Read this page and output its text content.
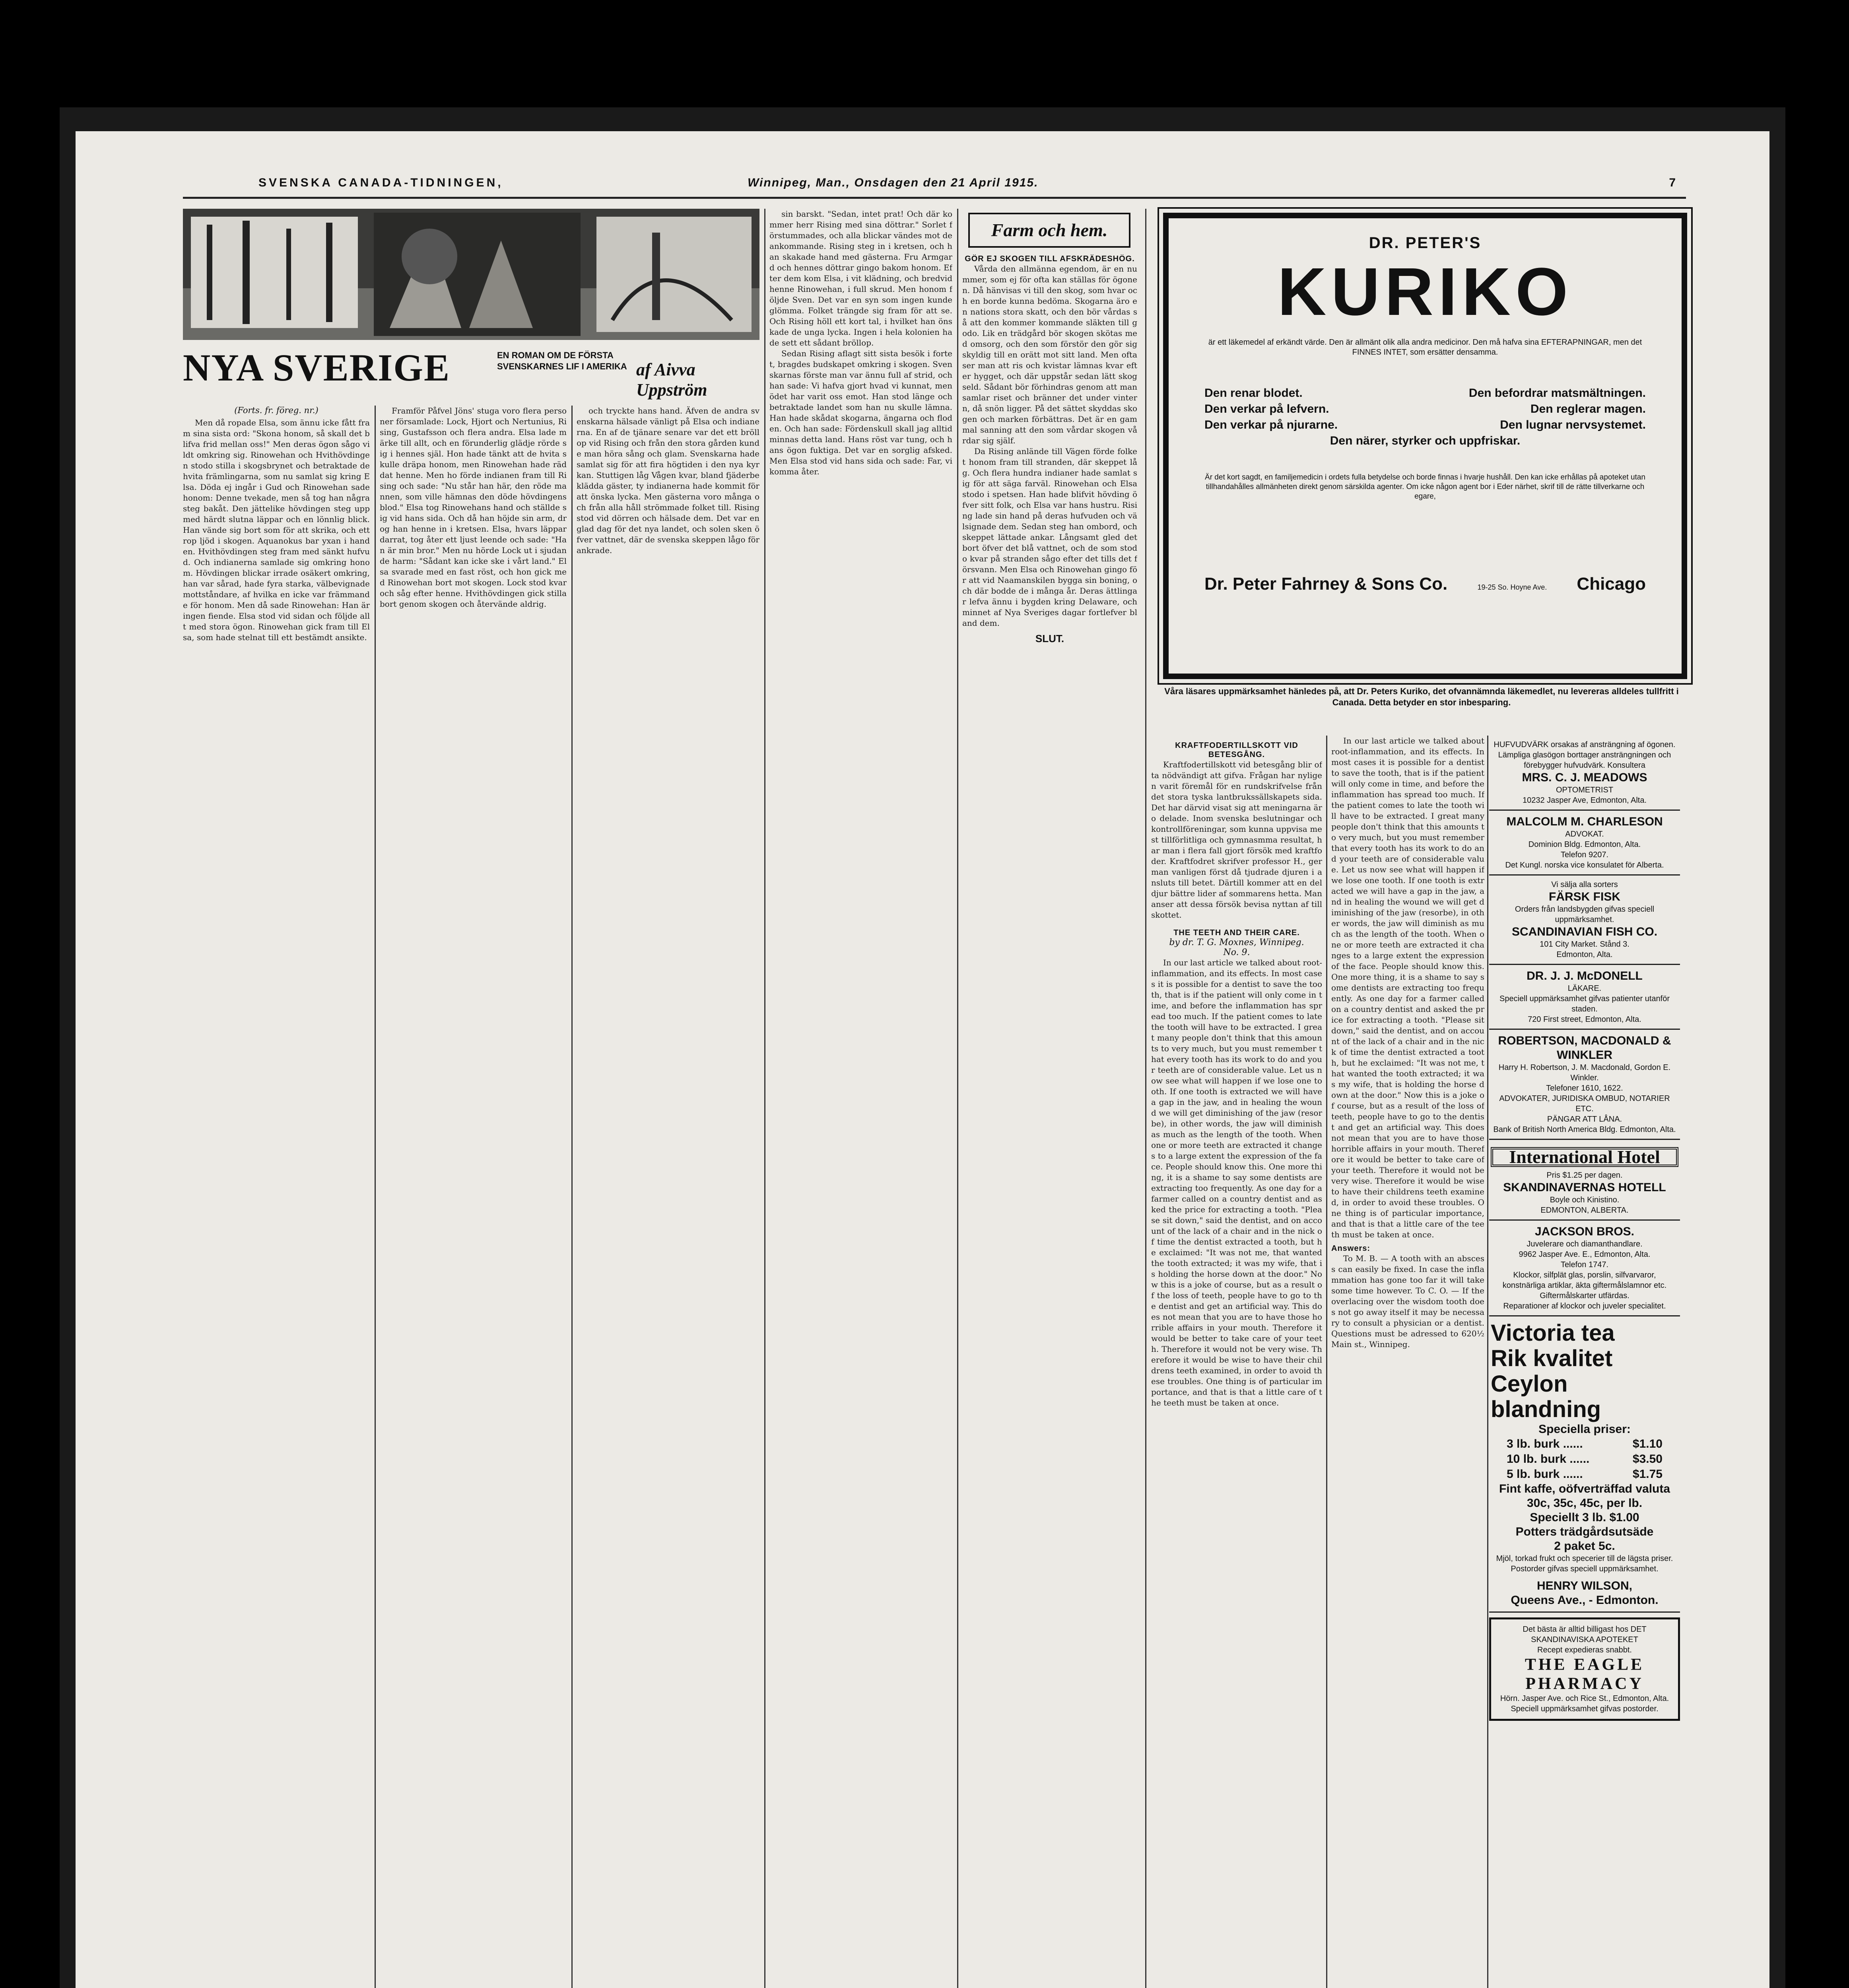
SVENSKA CANADA-TIDNINGEN,	Winnipeg, Man., Onsdagen den 21 April 1915.	7
NYA SVERIGE	EN ROMAN OM DE FÖRSTA SVENSKARNES LIF I AMERIKA af Aivva Uppström

(Forts. fr. föreg. nr.)

Men då ropade Elsa, som ännu icke fått fram sina sista ord: "Skona honom, så skall det blifva frid mellan oss!" Men deras ögon sågo vildt omkring sig. Rinowehan och Hvithövdingen stodo stilla i skogsbrynet och betraktade de hvita främlingarna, som nu samlat sig kring Elsa. Döda ej ingår i Gud och Rinowehan sade honom: Denne tvekade, men så tog han några steg bakåt. Den jättelike hövdingen steg upp med härdt slutna läppar och en lönnlig blick. Han vände sig bort som för att skrika, och ett rop ljöd i skogen. Aquanokus bar yxan i handen. Hvithövdingen steg fram med sänkt hufvud. Och indianerna samlade sig omkring honom. Hövdingen blickar irrade osäkert omkring, han var sårad, hade fyra starka, välbevignade mottståndare, af hvilka en icke var främmande för honom. Men då sade Rinowehan: Han är ingen fiende. Elsa stod vid sidan och följde allt med stora ögon. Rinowehan gick fram till Elsa, som hade stelnat till ett bestämdt ansikte.

Framför Påfvel Jöns' stuga voro flera personer församlade: Lock, Hjort och Nertunius, Rising, Gustafsson och flera andra. Elsa lade märke till allt, och en förunderlig glädje rörde sig i hennes själ. Hon hade tänkt att de hvita skulle dräpa honom, men Rinowehan hade räddat henne. Men ho förde indianen fram till Rising och sade: "Nu står han här, den röde mannen, som ville hämnas den döde hövdingens blod." Elsa tog Rinowehans hand och ställde sig vid hans sida. Och då han höjde sin arm, drog han henne in i kretsen. Elsa, hvars läppar darrat, tog åter ett ljust leende och sade: "Han är min bror." Men nu hörde Lock ut i sjudande harm: "Sådant kan icke ske i vårt land." Elsa svarade med en fast röst, och hon gick med Rinowehan bort mot skogen. Lock stod kvar och såg efter henne. Hvithövdingen gick stilla bort genom skogen och återvände aldrig.

och tryckte hans hand. Äfven de andra svenskarna hälsade vänligt på Elsa och indianerna. En af de tjänare senare var det ett bröllop vid Rising och från den stora gården kunde man höra sång och glam. Svenskarna hade samlat sig för att fira högtiden i den nya kyrkan. Stuttigen låg Vågen kvar, bland fjäderbeklädda gäster, ty indianerna hade kommit för att önska lycka. Men gästerna voro många och från alla håll strömmade folket till. Rising stod vid dörren och hälsade dem. Det var en glad dag för det nya landet, och solen sken öfver vattnet, där de svenska skeppen lågo förankrade.

sin barskt. "Sedan, intet prat! Och där kommer herr Rising med sina döttrar." Sorlet förstummades, och alla blickar vändes mot de ankommande. Rising steg in i kretsen, och han skakade hand med gästerna. Fru Armgard och hennes döttrar gingo bakom honom. Efter dem kom Elsa, i vit klädning, och bredvid henne Rinowehan, i full skrud. Men honom följde Sven. Det var en syn som ingen kunde glömma. Folket trängde sig fram för att se. Och Rising höll ett kort tal, i hvilket han önskade de unga lycka. Ingen i hela kolonien hade sett ett sådant bröllop.

Sedan Rising aflagt sitt sista besök i fortet, bragdes budskapet omkring i skogen. Svenskarnas förste man var ännu full af strid, och han sade: Vi hafva gjort hvad vi kunnat, men ödet har varit oss emot. Han stod länge och betraktade landet som han nu skulle lämna. Han hade skådat skogarna, ängarna och floden. Och han sade: Fördenskull skall jag alltid minnas detta land. Hans röst var tung, och hans ögon fuktiga. Det var en sorglig afsked. Men Elsa stod vid hans sida och sade: Far, vi komma åter.

Farm och hem.
GÖR EJ SKOGEN TILL AFSKRÄDESHÖG.

Vårda den allmänna egendom, är en nummer, som ej för ofta kan ställas för ögonen. Då hänvisas vi till den skog, som hvar och en borde kunna bedöma. Skogarna äro en nations stora skatt, och den bör vårdas så att den kommer kommande släkten till godo. Lik en trädgård bör skogen skötas med omsorg, och den som förstör den gör sig skyldig till en orätt mot sitt land. Men ofta ser man att ris och kvistar lämnas kvar efter hygget, och där uppstår sedan lätt skogseld. Sådant bör förhindras genom att man samlar riset och bränner det under vintern, då snön ligger. På det sättet skyddas skogen och marken förbättras. Det är en gammal sanning att den som vårdar skogen vårdar sig själf.

Da Rising anlände till Vägen förde folket honom fram till stranden, där skeppet låg. Och flera hundra indianer hade samlat sig för att säga farväl. Rinowehan och Elsa stodo i spetsen. Han hade blifvit hövding öfver sitt folk, och Elsa var hans hustru. Rising lade sin hand på deras hufvuden och välsignade dem. Sedan steg han ombord, och skeppet lättade ankar. Långsamt gled det bort öfver det blå vattnet, och de som stodo kvar på stranden sågo efter det tills det försvann. Men Elsa och Rinowehan gingo för att vid Naamanskilen bygga sin boning, och där bodde de i många år. Deras ättlingar lefva ännu i bygden kring Delaware, och minnet af Nya Sveriges dagar fortlefver bland dem.

SLUT.
DR. PETER'S
KURIKO
är ett läkemedel af erkändt värde. Den är allmänt olik alla andra medicinor. Den må hafva sina EFTERAPNINGAR, men det FINNES INTET, som ersätter densamma.
Den renar blodet.	Den befordrar matsmältningen.
Den verkar på lefvern.	Den reglerar magen.
Den verkar på njurarne.	Den lugnar nervsystemet.
Den närer, styrker och uppfriskar.
Är det kort sagdt, en familjemedicin i ordets fulla betydelse och borde finnas i hvarje hushåll. Den kan icke erhållas på apoteket utan tillhandahålles allmänheten direkt genom särskilda agenter. Om icke någon agent bor i Eder närhet, skrif till de rätte tillverkarne och egare,
Dr. Peter Fahrney & Sons Co.	19-25 So. Hoyne Ave. Chicago
Våra läsares uppmärksamhet hänledes på, att Dr. Peters Kuriko, det ofvannämnda läkemedlet, nu levereras alldeles tullfritt i Canada. Detta betyder en stor inbesparing.
KRAFTFODERTILLSKOTT VID BETESGÅNG.

Kraftfodertillskott vid betesgång blir ofta nödvändigt att gifva. Frågan har nyligen varit föremål för en rundskrifvelse från det stora tyska lantbrukssällskapets sida. Det har därvid visat sig att meningarna äro delade. Inom svenska beslutningar och kontrollföreningar, som kunna uppvisa mest tillförlitliga och gymnasmma resultat, har man i flera fall gjort försök med kraftfoder. Kraftfodret skrifver professor H., ger man vanligen först då tjudrade djuren i ansluts till betet. Därtill kommer att en del djur bättre lider af sommarens hetta. Man anser att dessa försök bevisa nyttan af tillskottet.

THE TEETH AND THEIR CARE.
by dr. T. G. Moxnes, Winnipeg.
No. 9.

In our last article we talked about root-inflammation, and its effects. In most cases it is possible for a dentist to save the tooth, that is if the patient will only come in time, and before the inflammation has spread too much. If the patient comes to late the tooth will have to be extracted. I great many people don't think that this amounts to very much, but you must remember that every tooth has its work to do and your teeth are of considerable value. Let us now see what will happen if we lose one tooth. If one tooth is extracted we will have a gap in the jaw, and in healing the wound we will get diminishing of the jaw (resorbe), in other words, the jaw will diminish as much as the length of the tooth. When one or more teeth are extracted it changes to a large extent the expression of the face. People should know this. One more thing, it is a shame to say some dentists are extracting too frequently. As one day for a farmer called on a country dentist and asked the price for extracting a tooth. "Please sit down," said the dentist, and on account of the lack of a chair and in the nick of time the dentist extracted a tooth, but he exclaimed: "It was not me, that wanted the tooth extracted; it was my wife, that is holding the horse down at the door." Now this is a joke of course, but as a result of the loss of teeth, people have to go to the dentist and get an artificial way. This does not mean that you are to have those horrible affairs in your mouth. Therefore it would be better to take care of your teeth. Therefore it would not be very wise. Therefore it would be wise to have their childrens teeth examined, in order to avoid these troubles. One thing is of particular importance, and that is that a little care of the teeth must be taken at once.

In our last article we talked about root-inflammation, and its effects. In most cases it is possible for a dentist to save the tooth, that is if the patient will only come in time, and before the inflammation has spread too much. If the patient comes to late the tooth will have to be extracted. I great many people don't think that this amounts to very much, but you must remember that every tooth has its work to do and your teeth are of considerable value. Let us now see what will happen if we lose one tooth. If one tooth is extracted we will have a gap in the jaw, and in healing the wound we will get diminishing of the jaw (resorbe), in other words, the jaw will diminish as much as the length of the tooth. When one or more teeth are extracted it changes to a large extent the expression of the face. People should know this. One more thing, it is a shame to say some dentists are extracting too frequently. As one day for a farmer called on a country dentist and asked the price for extracting a tooth. "Please sit down," said the dentist, and on account of the lack of a chair and in the nick of time the dentist extracted a tooth, but he exclaimed: "It was not me, that wanted the tooth extracted; it was my wife, that is holding the horse down at the door." Now this is a joke of course, but as a result of the loss of teeth, people have to go to the dentist and get an artificial way. This does not mean that you are to have those horrible affairs in your mouth. Therefore it would be better to take care of your teeth. Therefore it would not be very wise. Therefore it would be wise to have their childrens teeth examined, in order to avoid these troubles. One thing is of particular importance, and that is that a little care of the teeth must be taken at once.

Answers:

To M. B. — A tooth with an abscess can easily be fixed. In case the inflammation has gone too far it will take some time however. To C. O. — If the overlacing over the wisdom tooth does not go away itself it may be necessary to consult a physician or a dentist. Questions must be adressed to 620½ Main st., Winnipeg.

HUFVUDVÄRK orsakas af ansträngning af ögonen. Lämpliga glasögon borttager ansträngningen och förebygger hufvudvärk. Konsultera
MRS. C. J. MEADOWS
OPTOMETRIST
10232 Jasper Ave, Edmonton, Alta.
MALCOLM M. CHARLESON
ADVOKAT.
Dominion Bldg. Edmonton, Alta.
Telefon 9207.
Det Kungl. norska vice konsulatet för Alberta.
Vi sälja alla sorters
FÄRSK FISK
Orders från landsbygden gifvas speciell uppmärksamhet.
SCANDINAVIAN FISH CO.
101 City Market. Stånd 3.
Edmonton, Alta.
DR. J. J. McDONELL
LÄKARE.
Speciell uppmärksamhet gifvas patienter utanför staden.
720 First street, Edmonton, Alta.
ROBERTSON, MACDONALD & WINKLER
Harry H. Robertson, J. M. Macdonald, Gordon E. Winkler.
Telefoner 1610, 1622.
ADVOKATER, JURIDISKA OMBUD, NOTARIER ETC.
PÄNGAR ATT LÅNA.
Bank of British North America Bldg. Edmonton, Alta.
International Hotel
Pris $1.25 per dagen.
SKANDINAVERNAS HOTELL
Boyle och Kinistino.
EDMONTON, ALBERTA.
JACKSON BROS.
Juvelerare och diamanthandlare.
9962 Jasper Ave. E., Edmonton, Alta.
Telefon 1747.
Klockor, silfplät glas, porslin, silfvarvaror, konstnärliga artiklar, äkta giftermålslamnor etc. Giftermålskarter utfärdas.
Reparationer af klockor och juveler specialitet.
Victoria tea
Rik kvalitet
Ceylon blandning
Speciella priser:
3 lb. burk ......	$1.10
10 lb. burk ......	$3.50
5 lb. burk ......	$1.75
Fint kaffe, oöfverträffad valuta
30c, 35c, 45c, per lb.
Speciellt 3 lb. $1.00
Potters trädgårdsutsäde
2 paket 5c.
Mjöl, torkad frukt och specerier till de lägsta priser.
Postorder gifvas speciell uppmärksamhet.
HENRY WILSON,
Queens Ave., - Edmonton.
Det bästa är alltid billigast hos DET SKANDINAVISKA APOTEKET
Recept expedieras snabbt.
THE EAGLE PHARMACY
Hörn. Jasper Ave. och Rice St., Edmonton, Alta.
Speciell uppmärksamhet gifvas postorder.
